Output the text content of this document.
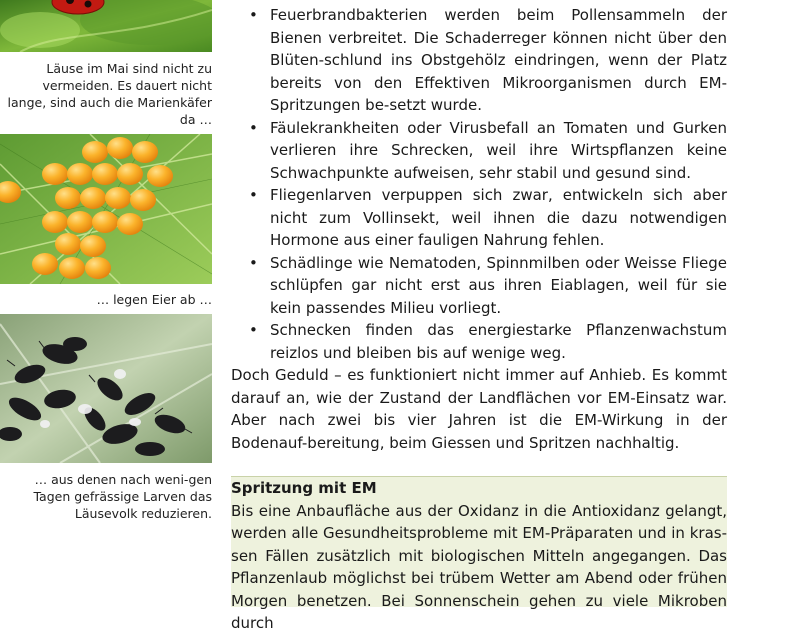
Läuse im Mai sind nicht zu vermeiden. Es dauert nicht lange, sind auch die Marienkäfer da …
… legen Eier ab …
… aus denen nach weni-gen Tagen gefrässige Larven das Läusevolk reduzieren.
• Feuerbrandbakterien werden beim Pollensammeln der Bienen verbreitet. Die Schaderreger können nicht über den Blüten-schlund ins Obstgehölz eindringen, wenn der Platz bereits von den Effektiven Mikroorganismen durch EM-Spritzungen be-setzt wurde.
• Fäulekrankheiten oder Virusbefall an Tomaten und Gurken verlieren ihre Schrecken, weil ihre Wirtspflanzen keine Schwachpunkte aufweisen, sehr stabil und gesund sind.
• Fliegenlarven verpuppen sich zwar, entwickeln sich aber nicht zum Vollinsekt, weil ihnen die dazu notwendigen Hormone aus einer fauligen Nahrung fehlen.
• Schädlinge wie Nematoden, Spinnmilben oder Weisse Fliege schlüpfen gar nicht erst aus ihren Eiablagen, weil für sie kein passendes Milieu vorliegt.
• Schnecken finden das energiestarke Pflanzenwachstum reizlos und bleiben bis auf wenige weg.

Doch Geduld – es funktioniert nicht immer auf Anhieb. Es kommt darauf an, wie der Zustand der Landflächen vor EM-Einsatz war. Aber nach zwei bis vier Jahren ist die EM-Wirkung in der Bodenauf-bereitung, beim Giessen und Spritzen nachhaltig.

Spritzung mit EM
Bis eine Anbaufläche aus der Oxidanz in die Antioxidanz gelangt, werden alle Gesundheitsprobleme mit EM-Präparaten und in kras-sen Fällen zusätzlich mit biologischen Mitteln angegangen. Das Pflanzenlaub möglichst bei trübem Wetter am Abend oder frühen Morgen benetzen. Bei Sonnenschein gehen zu viele Mikroben durch
